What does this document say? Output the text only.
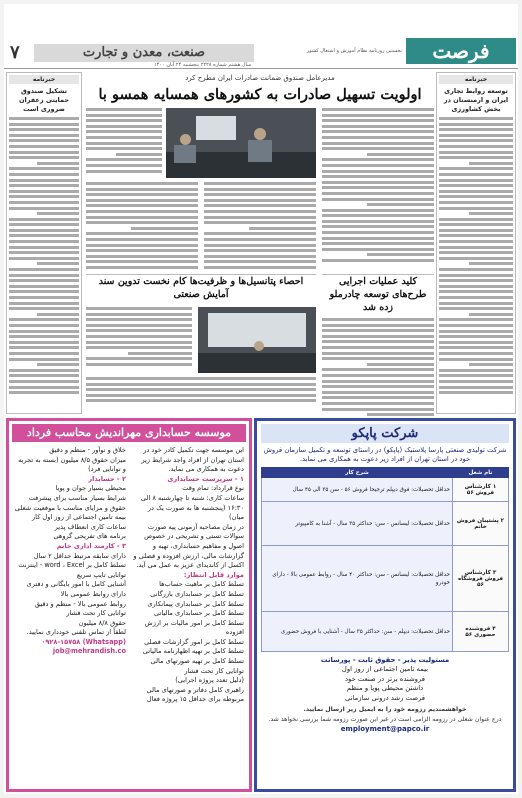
فرصت
نخستین روزنامه نظام آموزش و اشتغال کشور
صنعت، معدن و تجارت
۷
سال هشتم شماره ۲۲۲۸ پنجشنبه ۲۴ آبان ۱۴۰۰
خبرنامه
توسعه روابط تجاری ایران و ارمنستان در بخش کشاورزی
خبرنامه
تشکیل صندوق حمایتی زعفران ضروری است
مدیرعامل صندوق ضمانت صادرات ایران مطرح کرد
اولویت تسهیل صادرات به کشورهای همسایه همسو با
کلید عملیات اجرایی طرح‌های توسعه چادرملو زده شد
احصاء پتانسیل‌ها و ظرفیت‌ها کام نخست تدوین سند آمایش صنعتی
موسسه حسابداری مهراندیش محاسب فرداد

این موسسه جهت تکمیل کادر خود در استان تهران از افراد واجد شرایط زیر دعوت به همکاری می نماید.

۱ - سرپرست حسابداری

نوع قرارداد: تمام وقت

ساعات کاری: شنبه تا چهارشنبه ۸ الی ۱۶:۳۰ (پنجشنبه ها به صورت یک در میان)

در زمان مصاحبه آزمونی پیه صورت سوالات تستی و تشریحی در خصوص اصول و مفاهیم حسابداری، تهیه و گزارشات مالی، ارزش افزوده و فصلی و اکسل از کاندیدای عزیز به عمل می آید.

موارد قابل انتظار:

تسلط کامل بر ماهیت حساب‌ها

تسلط کامل بر حسابداری بازرگانی

تسلط کامل بر حسابداری پیمانکاری

تسلط کامل بر حسابداری مالیاتی

تسلط کامل بر امور مالیات بر ارزش افزوده

تسلط کامل بر امور گزارشات فصلی

تسلط کامل بر تهیه اظهارنامه مالیاتی

تسلط کامل بر تهیه صورتهای مالی

توانایی کار تحت فشار

(دلیل تعدد پروژه اجرایی)

راهبری کامل دفاتر و صورتهای مالی

مربوطه برای حداقل ۱۵ پروژه فعال

خلاق و نوآور - منظم و دقیق

میزان حقوق ۸/۵ میلیون (بسته به تجربه و توانایی فرد)

۲ - حسابدار

محیطی بسیار جوان و پویا

شرایط بسیار مناسب برای پیشرفت

حقوق و مزایای مناسب با موقعیت شغلی

بیمه تامین اجتماعی از روز اول کار

ساعات کاری انعطاف پذیر

برنامه های تفریحی گروهی

۳ - کارمند اداری خانم

دارای سابقه مرتبط حداقل ۲ سال

تسلط کامل بر word ، Excel - اینترنت

توانایی تایپ سریع

آشنایی کامل با امور بایگانی و دفتری

دارای روابط عمومی بالا

روابط عمومی بالا - منظم و دقیق

توانایی کار تحت فشار

حقوق ۸/۸ میلیون

لطفاً از تماس تلفنی خودداری نمایید.

۰۹۲۸-۱۵۷۵۸ (Whatsapp)

job@mehrandish.co

شرکت پاپکو
شرکت تولیدی صنعتی پارسا پلاستیک (پاپکو) در راستای توسعه و تکمیل سازمان فروش خود در استان تهران از افراد زیر دعوت به همکاری می نماید.
نام شغل	شرح کار
۱ کارشناس فروش ۵۶	حداقل تحصیلات: فوق دیپلم ترجیحا فروش ۵۶ - سن ۳۵ الی ۴۵ سال
۲ پشتیبان فروش خانم	حداقل تحصیلات: لیسانس - سن: حداکثر ۳۵ سال - آشنا به کامپیوتر
۳ کارشناس فروش فروشگاه ۵۶	حداقل تحصیلات: لیسانس - سن: حداکثر ۴۰ سال - روابط عمومی بالا - دارای خودرو
۴ فروشنده حضوری ۵۶	حداقل تحصیلات: دیپلم - سن: حداکثر ۳۵ سال - آشنایی با فروش حضوری
مستولیت پذیر - حقوق ثابت - پورسانت
بیمه تامین اجتماعی از روز اول
فروشنده برتر در صنعت خود
داشتن محیطی پویا و منظم
فرصت رشد درونی سازمانی
خواهشمندیم رزومه خود را به ایمیل زیر ارسال نمایید.
درج عنوان شغلی در رزومه الزامی است در غیر این صورت رزومه شما بررسی نخواهد شد.
employment@papco.ir
